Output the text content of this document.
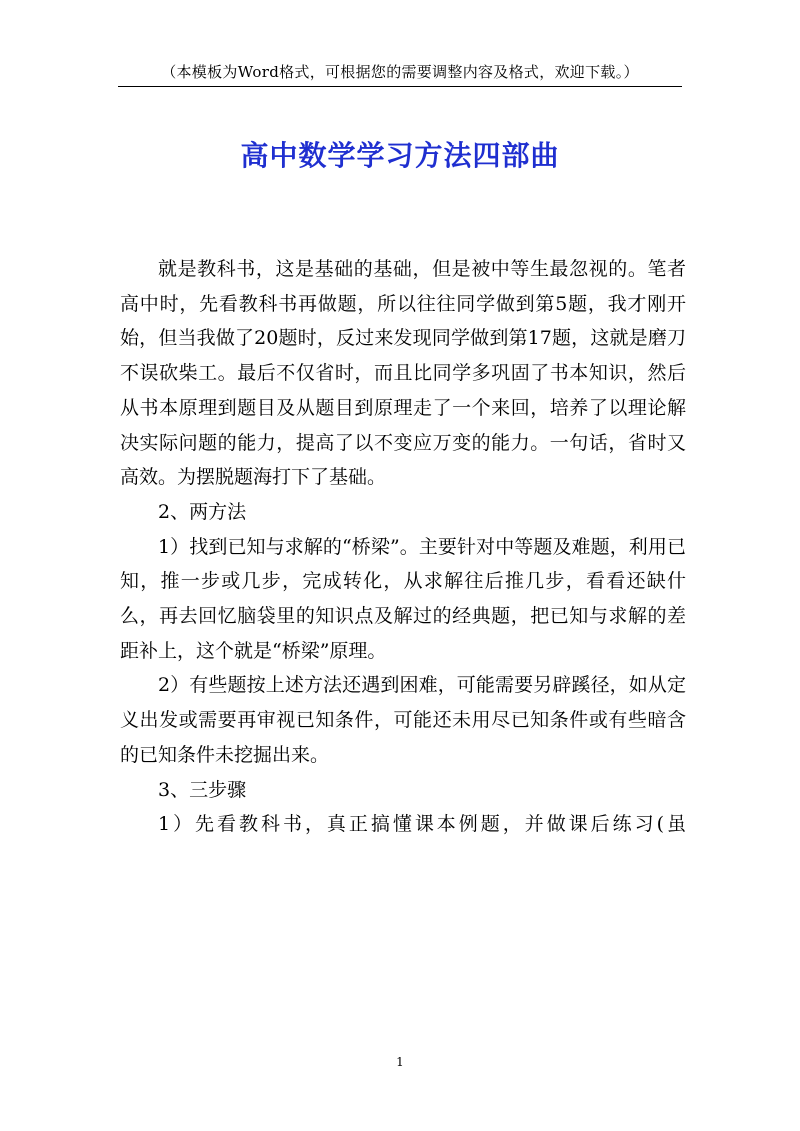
（本模板为Word格式，可根据您的需要调整内容及格式，欢迎下载。）
高中数学学习方法四部曲

就是教科书，这是基础的基础，但是被中等生最忽视的。笔者高中时，先看教科书再做题，所以往往同学做到第5题，我才刚开始，但当我做了20题时，反过来发现同学做到第17题，这就是磨刀不误砍柴工。最后不仅省时，而且比同学多巩固了书本知识，然后从书本原理到题目及从题目到原理走了一个来回，培养了以理论解决实际问题的能力，提高了以不变应万变的能力。一句话，省时又高效。为摆脱题海打下了基础。

2、两方法

1）找到已知与求解的“桥梁”。主要针对中等题及难题，利用已知，推一步或几步，完成转化，从求解往后推几步，看看还缺什么，再去回忆脑袋里的知识点及解过的经典题，把已知与求解的差距补上，这个就是“桥梁”原理。

2）有些题按上述方法还遇到困难，可能需要另辟蹊径，如从定义出发或需要再审视已知条件，可能还未用尽已知条件或有些暗含的已知条件未挖掘出来。

3、三步骤

1）先看教科书，真正搞懂课本例题，并做课后练习(虽

1
